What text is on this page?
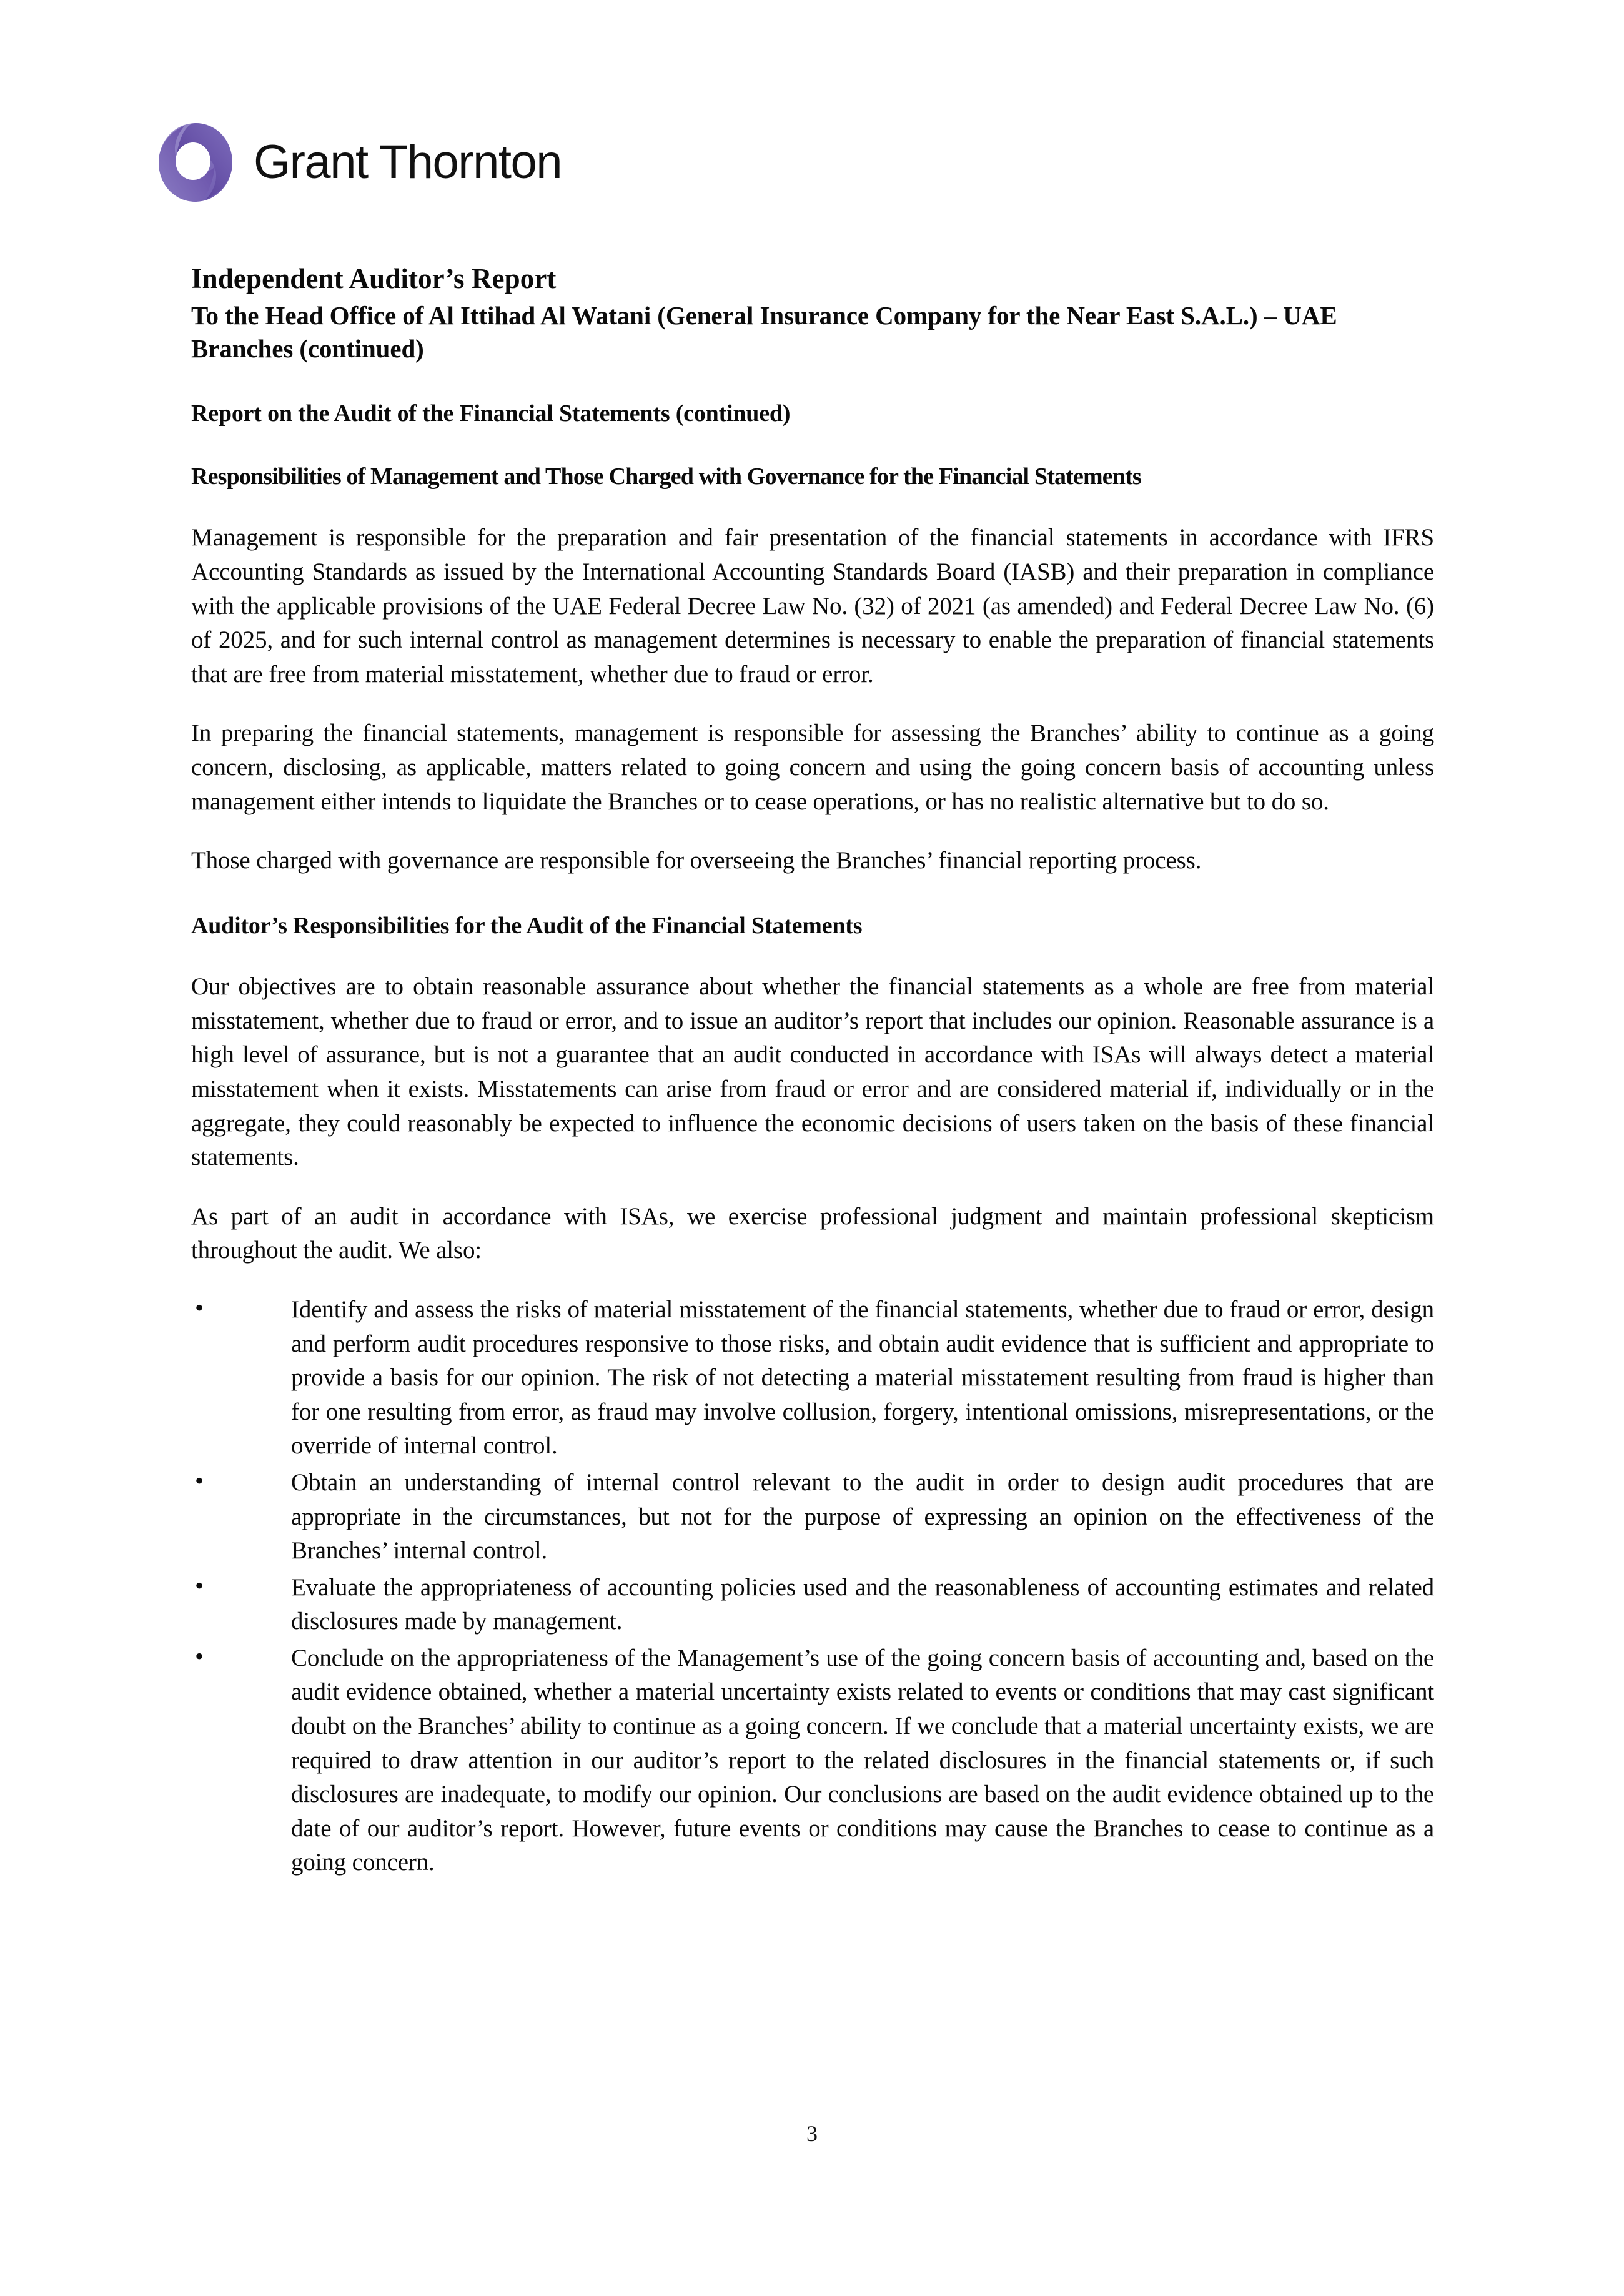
Grant Thornton
Independent Auditor’s Report
To the Head Office of Al Ittihad Al Watani (General Insurance Company for the Near East S.A.L.) – UAE Branches (continued)
Report on the Audit of the Financial Statements (continued)
Responsibilities of Management and Those Charged with Governance for the Financial Statements

Management is responsible for the preparation and fair presentation of the financial statements in accordance with IFRS Accounting Standards as issued by the International Accounting Standards Board (IASB) and their preparation in compliance with the applicable provisions of the UAE Federal Decree Law No. (32) of 2021 (as amended) and Federal Decree Law No. (6) of 2025, and for such internal control as management determines is necessary to enable the preparation of financial statements that are free from material misstatement, whether due to fraud or error.

In preparing the financial statements, management is responsible for assessing the Branches’ ability to continue as a going concern, disclosing, as applicable, matters related to going concern and using the going concern basis of accounting unless management either intends to liquidate the Branches or to cease operations, or has no realistic alternative but to do so.

Those charged with governance are responsible for overseeing the Branches’ financial reporting process.

Auditor’s Responsibilities for the Audit of the Financial Statements

Our objectives are to obtain reasonable assurance about whether the financial statements as a whole are free from material misstatement, whether due to fraud or error, and to issue an auditor’s report that includes our opinion. Reasonable assurance is a high level of assurance, but is not a guarantee that an audit conducted in accordance with ISAs will always detect a material misstatement when it exists. Misstatements can arise from fraud or error and are considered material if, individually or in the aggregate, they could reasonably be expected to influence the economic decisions of users taken on the basis of these financial statements.

As part of an audit in accordance with ISAs, we exercise professional judgment and maintain professional skepticism throughout the audit. We also:

• Identify and assess the risks of material misstatement of the financial statements, whether due to fraud or error, design and perform audit procedures responsive to those risks, and obtain audit evidence that is sufficient and appropriate to provide a basis for our opinion. The risk of not detecting a material misstatement resulting from fraud is higher than for one resulting from error, as fraud may involve collusion, forgery, intentional omissions, misrepresentations, or the override of internal control.
• Obtain an understanding of internal control relevant to the audit in order to design audit procedures that are appropriate in the circumstances, but not for the purpose of expressing an opinion on the effectiveness of the Branches’ internal control.
• Evaluate the appropriateness of accounting policies used and the reasonableness of accounting estimates and related disclosures made by management.
• Conclude on the appropriateness of the Management’s use of the going concern basis of accounting and, based on the audit evidence obtained, whether a material uncertainty exists related to events or conditions that may cast significant doubt on the Branches’ ability to continue as a going concern. If we conclude that a material uncertainty exists, we are required to draw attention in our auditor’s report to the related disclosures in the financial statements or, if such disclosures are inadequate, to modify our opinion. Our conclusions are based on the audit evidence obtained up to the date of our auditor’s report. However, future events or conditions may cause the Branches to cease to continue as a going concern.
3
